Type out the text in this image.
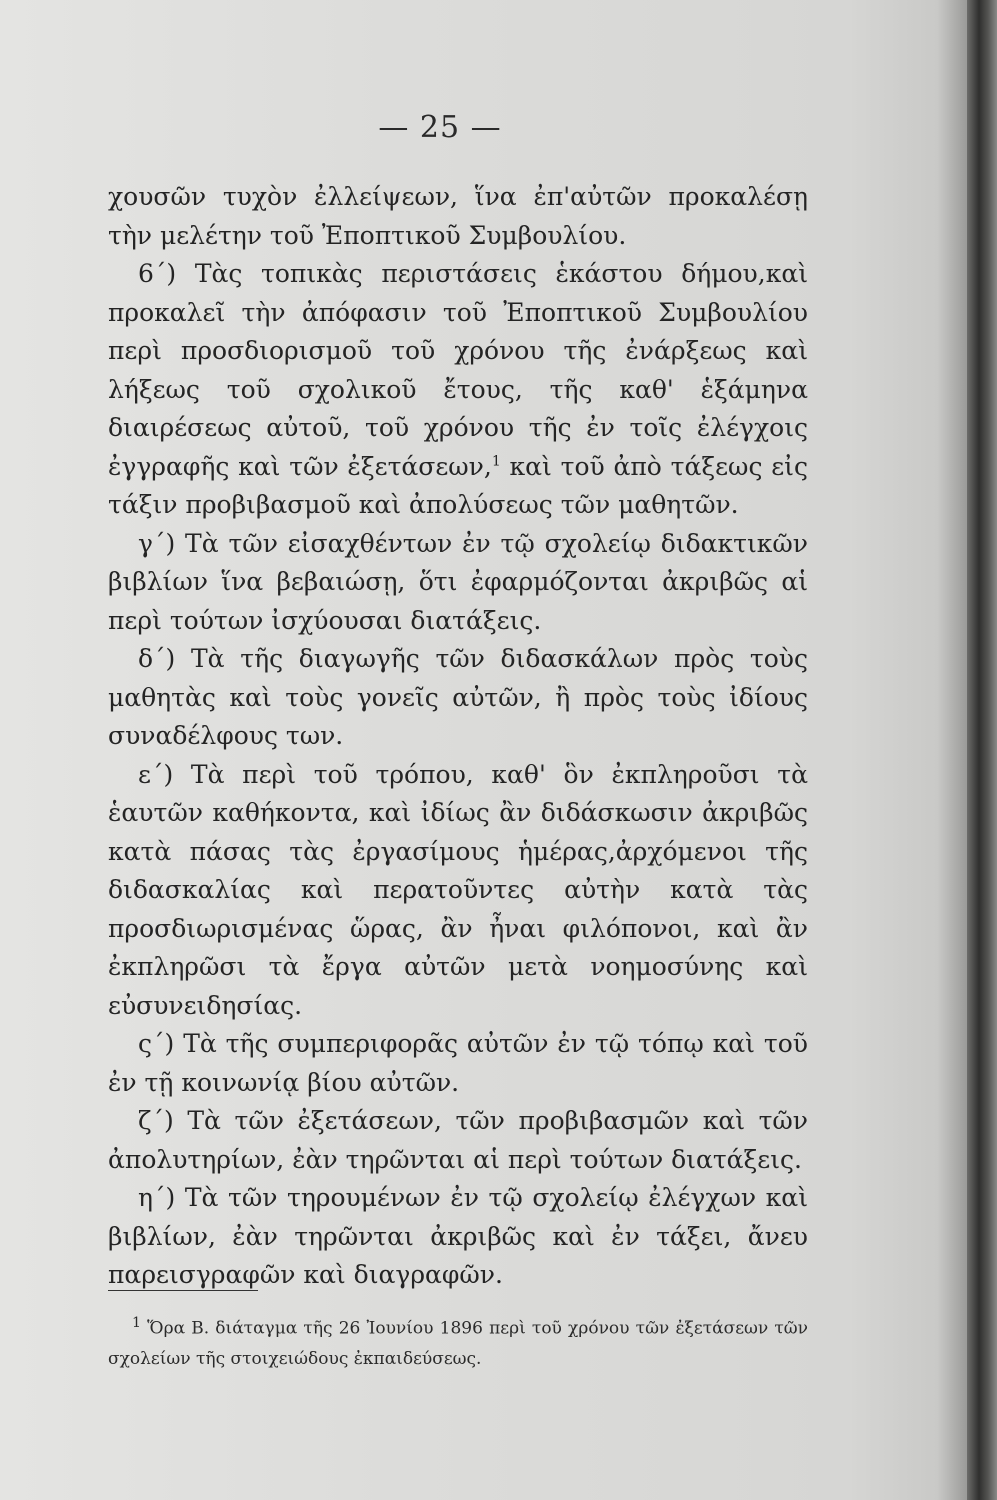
— 25 —

χουσῶν τυχὸν ἐλλείψεων, ἵνα ἐπ'αὐτῶν προκαλέσῃ τὴν μελέτην τοῦ Ἐποπτικοῦ Συμβουλίου.

6΄) Τὰς τοπικὰς περιστάσεις ἑκάστου δήμου,καὶ προκαλεῖ τὴν ἀπόφασιν τοῦ Ἐποπτικοῦ Συμβουλίου περὶ προσδιορισμοῦ τοῦ χρόνου τῆς ἐνάρξεως καὶ λήξεως τοῦ σχολικοῦ ἔτους, τῆς καθ' ἑξάμηνα διαιρέσεως αὐτοῦ, τοῦ χρόνου τῆς ἐν τοῖς ἐλέγχοις ἐγγραφῆς καὶ τῶν ἐξετάσεων,$^1$ καὶ τοῦ ἀπὸ τάξεως εἰς τάξιν προβιβασμοῦ καὶ ἀπολύσεως τῶν μαθητῶν.

γ΄) Τὰ τῶν εἰσαχθέντων ἐν τῷ σχολείῳ διδακτικῶν βιβλίων ἵνα βεβαιώσῃ, ὅτι ἐφαρμόζονται ἀκριβῶς αἱ περὶ τούτων ἰσχύουσαι διατάξεις.

δ΄) Τὰ τῆς διαγωγῆς τῶν διδασκάλων πρὸς τοὺς μαθητὰς καὶ τοὺς γονεῖς αὐτῶν, ἢ πρὸς τοὺς ἰδίους συναδέλφους των.

ε΄) Τὰ περὶ τοῦ τρόπου, καθ' ὃν ἐκπληροῦσι τὰ ἑαυτῶν καθήκοντα, καὶ ἰδίως ἂν διδάσκωσιν ἀκριβῶς κατὰ πάσας τὰς ἐργασίμους ἡμέρας,ἀρχόμενοι τῆς διδασκαλίας καὶ περατοῦντες αὐτὴν κατὰ τὰς προσδιωρισμένας ὥρας, ἂν ἦναι φιλόπονοι, καὶ ἂν ἐκπληρῶσι τὰ ἔργα αὐτῶν μετὰ νοημοσύνης καὶ εὐσυνειδησίας.

ς΄) Τὰ τῆς συμπεριφορᾶς αὐτῶν ἐν τῷ τόπῳ καὶ τοῦ ἐν τῇ κοινωνίᾳ βίου αὐτῶν.

ζ΄) Τὰ τῶν ἐξετάσεων, τῶν προβιβασμῶν καὶ τῶν ἀπολυτηρίων, ἐὰν τηρῶνται αἱ περὶ τούτων διατάξεις.

η΄) Τὰ τῶν τηρουμένων ἐν τῷ σχολείῳ ἐλέγχων καὶ βιβλίων, ἐὰν τηρῶνται ἀκριβῶς καὶ ἐν τάξει, ἄνευ παρεισγραφῶν καὶ διαγραφῶν.

$^1$ Ὅρα Β. διάταγμα τῆς 26 Ἰουνίου 1896 περὶ τοῦ χρόνου τῶν ἐξετάσεων τῶν σχολείων τῆς στοιχειώδους ἐκπαιδεύσεως.
